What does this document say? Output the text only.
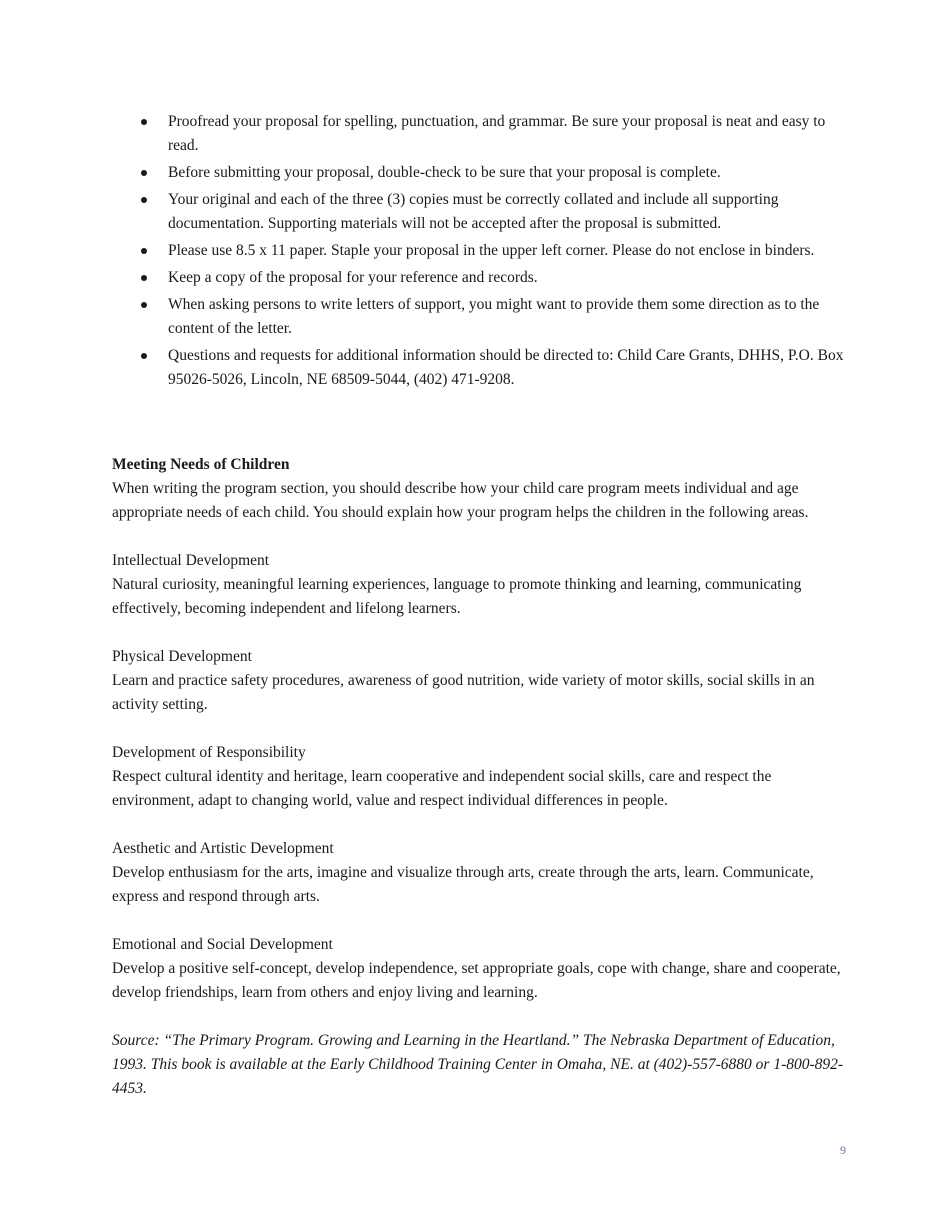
Proofread your proposal for spelling, punctuation, and grammar. Be sure your proposal is neat and easy to read.
Before submitting your proposal, double-check to be sure that your proposal is complete.
Your original and each of the three (3) copies must be correctly collated and include all supporting documentation. Supporting materials will not be accepted after the proposal is submitted.
Please use 8.5 x 11 paper. Staple your proposal in the upper left corner. Please do not enclose in binders.
Keep a copy of the proposal for your reference and records.
When asking persons to write letters of support, you might want to provide them some direction as to the content of the letter.
Questions and requests for additional information should be directed to: Child Care Grants, DHHS, P.O. Box 95026-5026, Lincoln, NE 68509-5044, (402) 471-9208.

Meeting Needs of Children

When writing the program section, you should describe how your child care program meets individual and age appropriate needs of each child. You should explain how your program helps the children in the following areas.

Intellectual Development

Natural curiosity, meaningful learning experiences, language to promote thinking and learning, communicating effectively, becoming independent and lifelong learners.

Physical Development

Learn and practice safety procedures, awareness of good nutrition, wide variety of motor skills, social skills in an activity setting.

Development of Responsibility

Respect cultural identity and heritage, learn cooperative and independent social skills, care and respect the environment, adapt to changing world, value and respect individual differences in people.

Aesthetic and Artistic Development

Develop enthusiasm for the arts, imagine and visualize through arts, create through the arts, learn. Communicate, express and respond through arts.

Emotional and Social Development

Develop a positive self-concept, develop independence, set appropriate goals, cope with change, share and cooperate, develop friendships, learn from others and enjoy living and learning.

Source: “The Primary Program. Growing and Learning in the Heartland.” The Nebraska Department of Education, 1993. This book is available at the Early Childhood Training Center in Omaha, NE. at (402)-557-6880 or 1-800-892-4453.

9
